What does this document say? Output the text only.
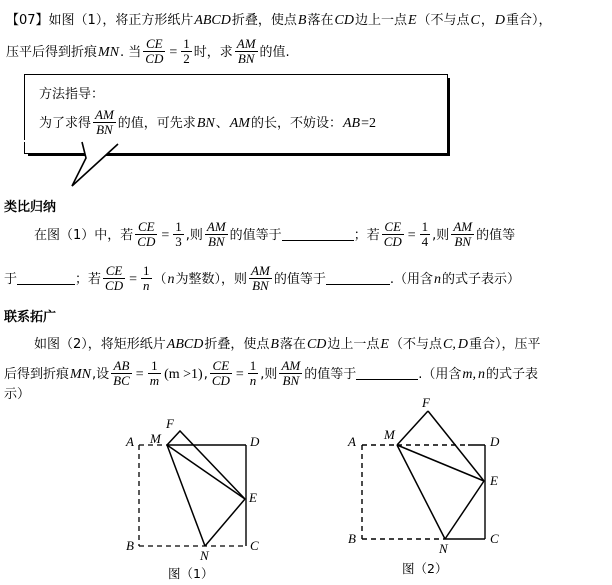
【07】如图（1），将正方形纸片ABCD折叠，使点B落在CD边上一点E（不与点C，D重合），
压平后得到折痕MN. 当 $\frac{CE}{CD} = \frac{1}{2}$ 时，求 $\frac{AM}{BN}$ 的值.
方法指导：
为了求得 $\frac{AM}{BN}$ 的值，可先求BN、AM的长，不妨设：AB=2
类比归纳
在图（1）中，若 $\frac{CE}{CD} = \frac{1}{3}$ ,则 $\frac{AM}{BN}$ 的值等于	；若 $\frac{CE}{CD} = \frac{1}{4}$ ,则 $\frac{AM}{BN}$ 的值等
于	；若 $\frac{CE}{CD} = \frac{1}{n} (n$为整数），则 $\frac{AM}{BN}$ 的值等于	.（用含n的式子表示）
联系拓广
如图（2），将矩形纸片ABCD折叠，使点B落在CD边上一点E（不与点C, D重合），压平
后得到折痕MN,设 $\frac{AB}{BC} = \frac{1}{m} (m >1)$, $\frac{CE}{CD} = \frac{1}{n}$ ,则 $\frac{AM}{BN}$ 的值等于	.（用含m, n的式子表
示）
A
B	C
D
E
F
M
N
图（1）
A
B	C
D
E
F
M
N
图（2）
